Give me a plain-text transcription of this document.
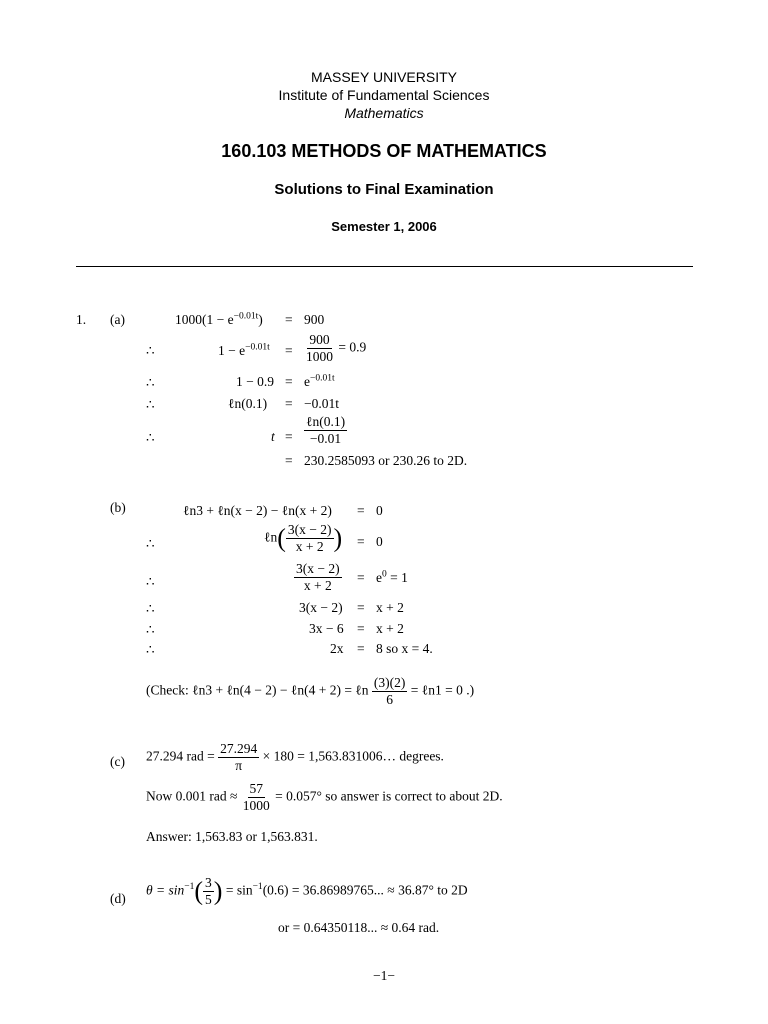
MASSEY UNIVERSITY
Institute of Fundamental Sciences
Mathematics
160.103 METHODS OF MATHEMATICS
Solutions to Final Examination
Semester 1, 2006
1. (a)	$1000(1 - e^{-0.01t}) = 900$
∴	$1 - e^{-0.01t} = \frac{900}{1000} = 0.9$
∴	$1 - 0.9 = e^{-0.01t}$
∴	ℓn(0.1) = −0.01t
∴	$t = \frac{\text{ℓn(0.1)}}{-0.01}$
= 230.2585093 or 230.26 to 2D.
(b)	ℓn3 + ℓn(x − 2) − ℓn(x + 2) = 0
∴	ℓn( $\frac{3(x - 2)}{x + 2}$ ) = 0
∴	$\frac{3(x - 2)}{x + 2} = e^0 = 1$
∴	3(x − 2) = x + 2
∴	3x − 6 = x + 2
∴	2x = 8 so x = 4.
(Check: ℓn3 + ℓn(4 − 2) − ℓn(4 + 2) = ℓn $\frac{(3)(2)}{6}$ = ℓn1 = 0 .)
(c) 27.294 rad = $\frac{27.294}{\pi} \times 180$ = 1,563.831006… degrees.
Now 0.001 rad ≈ $\frac{57}{1000} = 0.057^\circ$ so answer is correct to about 2D.
Answer: 1,563.83 or 1,563.831.
(d)
$\theta = \sin^{-1}( \frac{3}{5}$ ) = $\sin^{-1}(0.6) = 36.86989765$... ≈ 36.87° to 2D
or = 0.64350118... ≈ 0.64 rad.
−1−
